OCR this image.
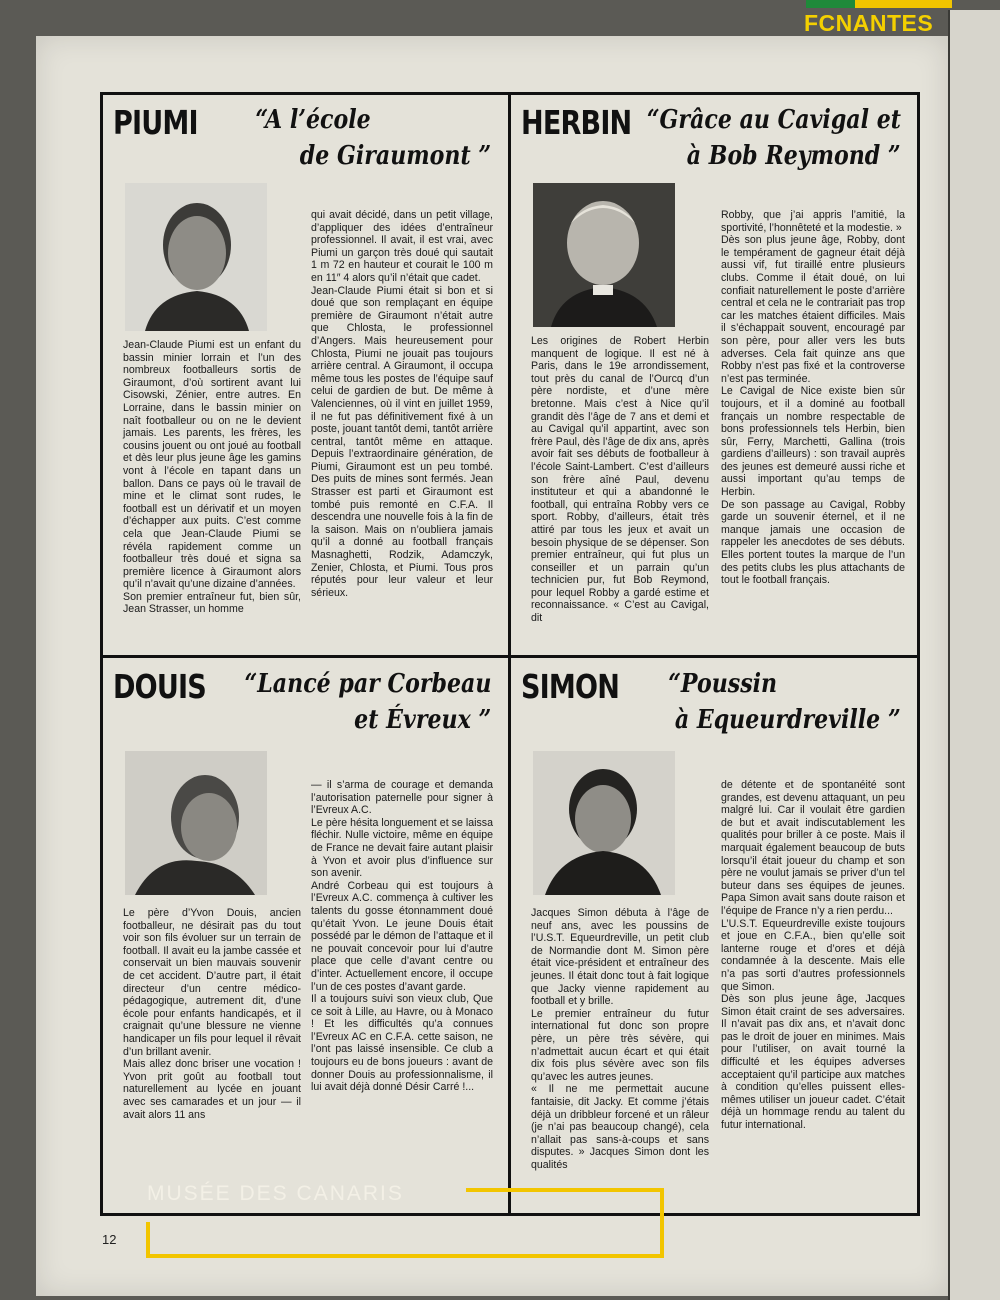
FCNANTES
PIUMI “A l’école
de Giraumont ”

Jean-Claude Piumi est un enfant du bassin minier lorrain et l’un des nombreux footballeurs sortis de Giraumont, d’où sortirent avant lui Cisowski, Zénier, entre autres. En Lorraine, dans le bassin minier on naît footballeur ou on ne le devient jamais. Les parents, les frères, les cousins jouent ou ont joué au football et dès leur plus jeune âge les gamins vont à l’école en tapant dans un ballon. Dans ce pays où le travail de mine et le climat sont rudes, le football est un dérivatif et un moyen d’échapper aux puits. C’est comme cela que Jean-Claude Piumi se révéla rapidement comme un footballeur très doué et signa sa première licence à Giraumont alors qu’il n’avait qu’une dizaine d’années.

Son premier entraîneur fut, bien sûr, Jean Strasser, un homme

qui avait décidé, dans un petit village, d’appliquer des idées d’entraîneur professionnel. Il avait, il est vrai, avec Piumi un garçon très doué qui sautait 1 m 72 en hauteur et courait le 100 m en 11″ 4 alors qu’il n’était que cadet.

Jean-Claude Piumi était si bon et si doué que son remplaçant en équipe première de Giraumont n’était autre que Chlosta, le professionnel d’Angers. Mais heureusement pour Chlosta, Piumi ne jouait pas toujours arrière central. A Giraumont, il occupa même tous les postes de l’équipe sauf celui de gardien de but. De même à Valenciennes, où il vint en juillet 1959, il ne fut pas définitivement fixé à un poste, jouant tantôt demi, tantôt arrière central, tantôt même en attaque. Depuis l’extraordinaire génération, de Piumi, Giraumont est un peu tombé. Des puits de mines sont fermés. Jean Strasser est parti et Giraumont est tombé puis remonté en C.F.A. Il descendra une nouvelle fois à la fin de la saison. Mais on n’oubliera jamais qu’il a donné au football français Masnaghetti, Rodzik, Adamczyk, Zenier, Chlosta, et Piumi. Tous pros réputés pour leur valeur et leur sérieux.

HERBIN “Grâce au Cavigal et
à Bob Reymond ”

Les origines de Robert Herbin manquent de logique. Il est né à Paris, dans le 19e arrondissement, tout près du canal de l’Ourcq d’un père nordiste, et d’une mère bretonne. Mais c’est à Nice qu’il grandit dès l’âge de 7 ans et demi et au Cavigal qu’il appartint, avec son frère Paul, dès l’âge de dix ans, après avoir fait ses débuts de footballeur à l’école Saint-Lambert. C’est d’ailleurs son frère aîné Paul, devenu instituteur et qui a abandonné le football, qui entraîna Robby vers ce sport. Robby, d’ailleurs, était très attiré par tous les jeux et avait un besoin physique de se dépenser. Son premier entraîneur, qui fut plus un conseiller et un parrain qu’un technicien pur, fut Bob Reymond, pour lequel Robby a gardé estime et reconnaissance. « C’est au Cavigal, dit

Robby, que j’ai appris l’amitié, la sportivité, l’honnêteté et la modestie. »

Dès son plus jeune âge, Robby, dont le tempérament de gagneur était déjà aussi vif, fut tiraillé entre plusieurs clubs. Comme il était doué, on lui confiait naturellement le poste d’arrière central et cela ne le contrariait pas trop car les matches étaient difficiles. Mais il s’échappait souvent, encouragé par son père, pour aller vers les buts adverses. Cela fait quinze ans que Robby n’est pas fixé et la controverse n’est pas terminée.

Le Cavigal de Nice existe bien sûr toujours, et il a dominé au football français un nombre respectable de bons professionnels tels Herbin, bien sûr, Ferry, Marchetti, Gallina (trois gardiens d’ailleurs) : son travail auprès des jeunes est demeuré aussi riche et aussi important qu’au temps de Herbin.

De son passage au Cavigal, Robby garde un souvenir éternel, et il ne manque jamais une occasion de rappeler les anecdotes de ses débuts. Elles portent toutes la marque de l’un des petits clubs les plus attachants de tout le football français.

DOUIS “Lancé par Corbeau
et Évreux ”

Le père d’Yvon Douis, ancien footballeur, ne désirait pas du tout voir son fils évoluer sur un terrain de football. Il avait eu la jambe cassée et conservait un bien mauvais souvenir de cet accident. D’autre part, il était directeur d’un centre médico-pédagogique, autrement dit, d’une école pour enfants handicapés, et il craignait qu’une blessure ne vienne handicaper un fils pour lequel il rêvait d’un brillant avenir.

Mais allez donc briser une vocation ! Yvon prit goût au football tout naturellement au lycée en jouant avec ses camarades et un jour — il avait alors 11 ans

— il s’arma de courage et demanda l’autorisation paternelle pour signer à l’Evreux A.C.

Le père hésita longuement et se laissa fléchir. Nulle victoire, même en équipe de France ne devait faire autant plaisir à Yvon et avoir plus d’influence sur son avenir.

André Corbeau qui est toujours à l’Evreux A.C. commença à cultiver les talents du gosse étonnamment doué qu’était Yvon. Le jeune Douis était possédé par le démon de l’attaque et il ne pouvait concevoir pour lui d’autre place que celle d’avant centre ou d’inter. Actuellement encore, il occupe l’un de ces postes d’avant garde.

Il a toujours suivi son vieux club, Que ce soit à Lille, au Havre, ou à Monaco ! Et les difficultés qu’a connues l’Evreux AC en C.F.A. cette saison, ne l’ont pas laissé insensible. Ce club a toujours eu de bons joueurs : avant de donner Douis au professionnalisme, il lui avait déjà donné Désir Carré !...

SIMON “Poussin
à Equeurdreville ”

Jacques Simon débuta à l’âge de neuf ans, avec les poussins de l’U.S.T. Equeurdreville, un petit club de Normandie dont M. Simon père était vice-président et entraîneur des jeunes. Il était donc tout à fait logique que Jacky vienne rapidement au football et y brille.

Le premier entraîneur du futur international fut donc son propre père, un père très sévère, qui n’admettait aucun écart et qui était dix fois plus sévère avec son fils qu’avec les autres jeunes.

« Il ne me permettait aucune fantaisie, dit Jacky. Et comme j’étais déjà un dribbleur forcené et un râleur (je n’ai pas beaucoup changé), cela n’allait pas sans-à-coups et sans disputes. » Jacques Simon dont les qualités

de détente et de spontanéité sont grandes, est devenu attaquant, un peu malgré lui. Car il voulait être gardien de but et avait indiscutablement les qualités pour briller à ce poste. Mais il marquait également beaucoup de buts lorsqu’il était joueur du champ et son père ne voulut jamais se priver d’un tel buteur dans ses équipes de jeunes. Papa Simon avait sans doute raison et l’équipe de France n’y a rien perdu...

L’U.S.T. Equeurdreville existe toujours et joue en C.F.A., bien qu’elle soit lanterne rouge et d’ores et déjà condamnée à la descente. Mais elle n’a pas sorti d’autres professionnels que Simon.

Dès son plus jeune âge, Jacques Simon était craint de ses adversaires. Il n’avait pas dix ans, et n’avait donc pas le droit de jouer en minimes. Mais pour l’utiliser, on avait tourné la difficulté et les équipes adverses acceptaient qu’il participe aux matches à condition qu’elles puissent elles-mêmes utiliser un joueur cadet. C’était déjà un hommage rendu au talent du futur international.

12
MUSÉE DES CANARIS
